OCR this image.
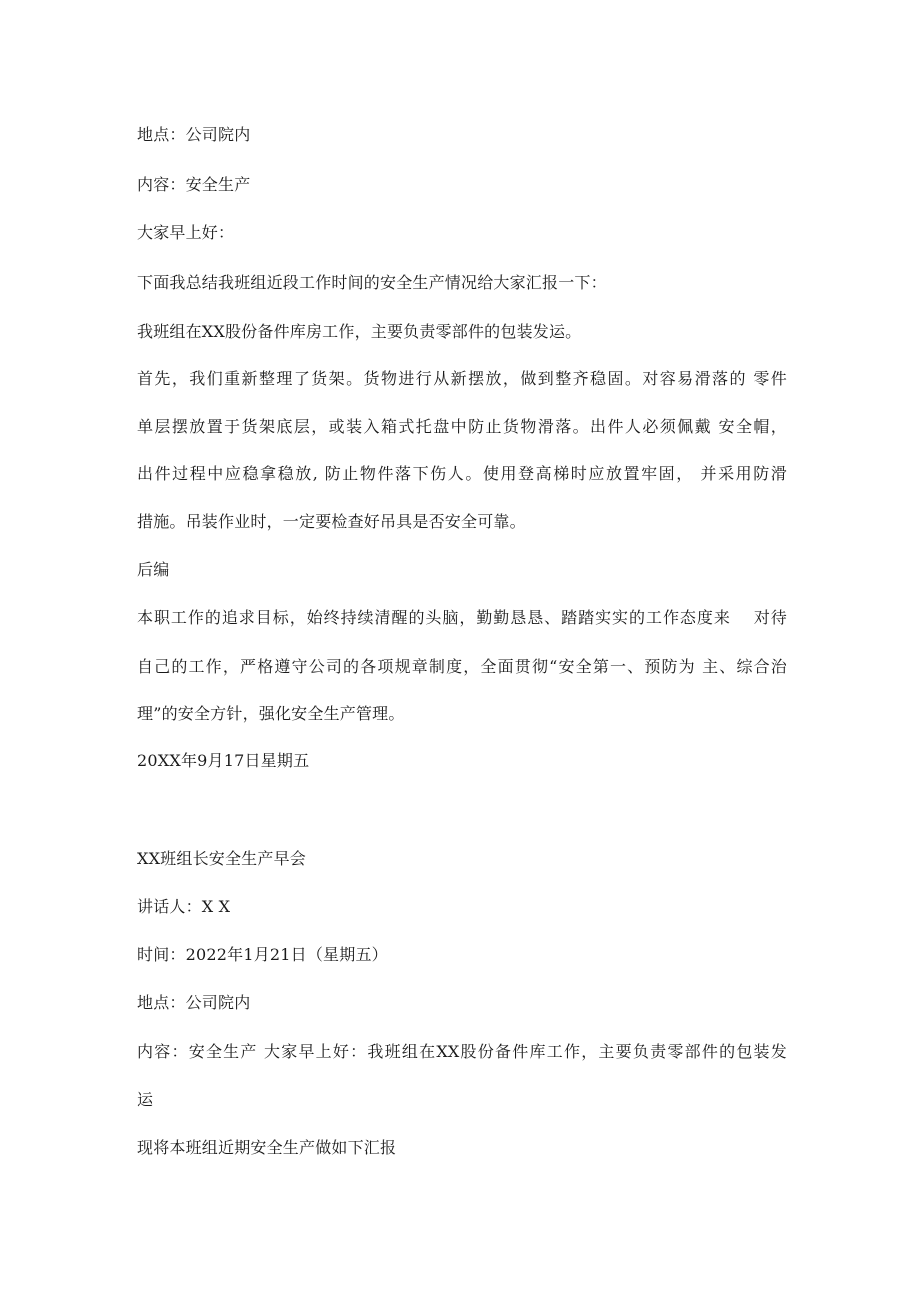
地点：公司院内
内容：安全生产
大家早上好：
下面我总结我班组近段工作时间的安全生产情况给大家汇报一下：
我班组在XX股份备件库房工作，主要负责零部件的包装发运。
首先，我们重新整理了货架。货物进行从新摆放，做到整齐稳固。对容易滑落的 零件
单层摆放置于货架底层，或装入箱式托盘中防止货物滑落。出件人必须佩戴 安全帽，
出件过程中应稳拿稳放, 防止物件落下伤人。使用登高梯时应放置牢固， 并采用防滑
措施。吊装作业时，一定要检查好吊具是否安全可靠。
后编
本职工作的追求目标，始终持续清醒的头脑，勤勤恳恳、踏踏实实的工作态度来　 对待
自己的工作，严格遵守公司的各项规章制度，全面贯彻“安全第一、预防为 主、综合治
理”的安全方针，强化安全生产管理。
20XX年9月17日星期五
XX班组长安全生产早会
讲话人：X X
时间：2022年1月21日（星期五）
地点：公司院内
内容：安全生产 大家早上好：我班组在XX股份备件库工作，主要负责零部件的包装发
运
现将本班组近期安全生产做如下汇报
